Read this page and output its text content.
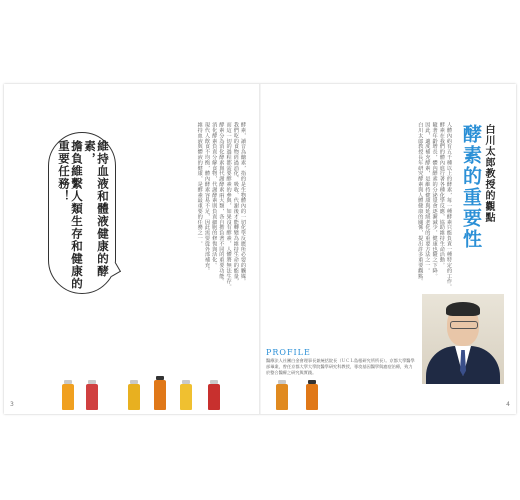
維持血液和體液健康的酵素，
擔負維繫人類生存和健康的重要任務！	酵素，讀音為醣素，指的是生物體內的一切化學反應所必要的觸媒。
我們吃的食物經過消化、吸收、代謝後才能轉變為維持生命的能量，
而這一切的過程都需要酵素的參與，如果沒有酵素，人體將無法生存。
酵素分為消化酵素與代謝酵素兩大類，各自擔負著不同的重要功能。
消化酵素負責分解食物，代謝酵素則負責細胞的修復與活化。
現代人飲食不均衡，體內酵素容易不足，因此需要從外部補充。
維持血液與體液的健康，是酵素最重要的任務之一。
3
白川太郎教授的觀點
酵素的重要性
人體內約有五千種以上的酵素，每一種酵素只能負責一種特定的工作。
酵素在我們的體內進行著各種化學反應，協助維持生命活動。
隨著年齡增長，體內酵素的分泌量會逐漸減少，健康也隨之下降。
因此，適度補充酵素，是維持健康與延緩老化的重要方法之一。
白川太郎教授長年研究酵素與人體健康的關係，提出許多重要觀點。
PROFILE
醫療法人社團白金會理事長兼統括院長（ＵＣＬ島根研究所所長）。京都大學醫學部畢業，曾任京都大學大學院醫學研究科教授，專攻基因醫學與癌症治療，致力於整合醫療之研究與實踐。
4
